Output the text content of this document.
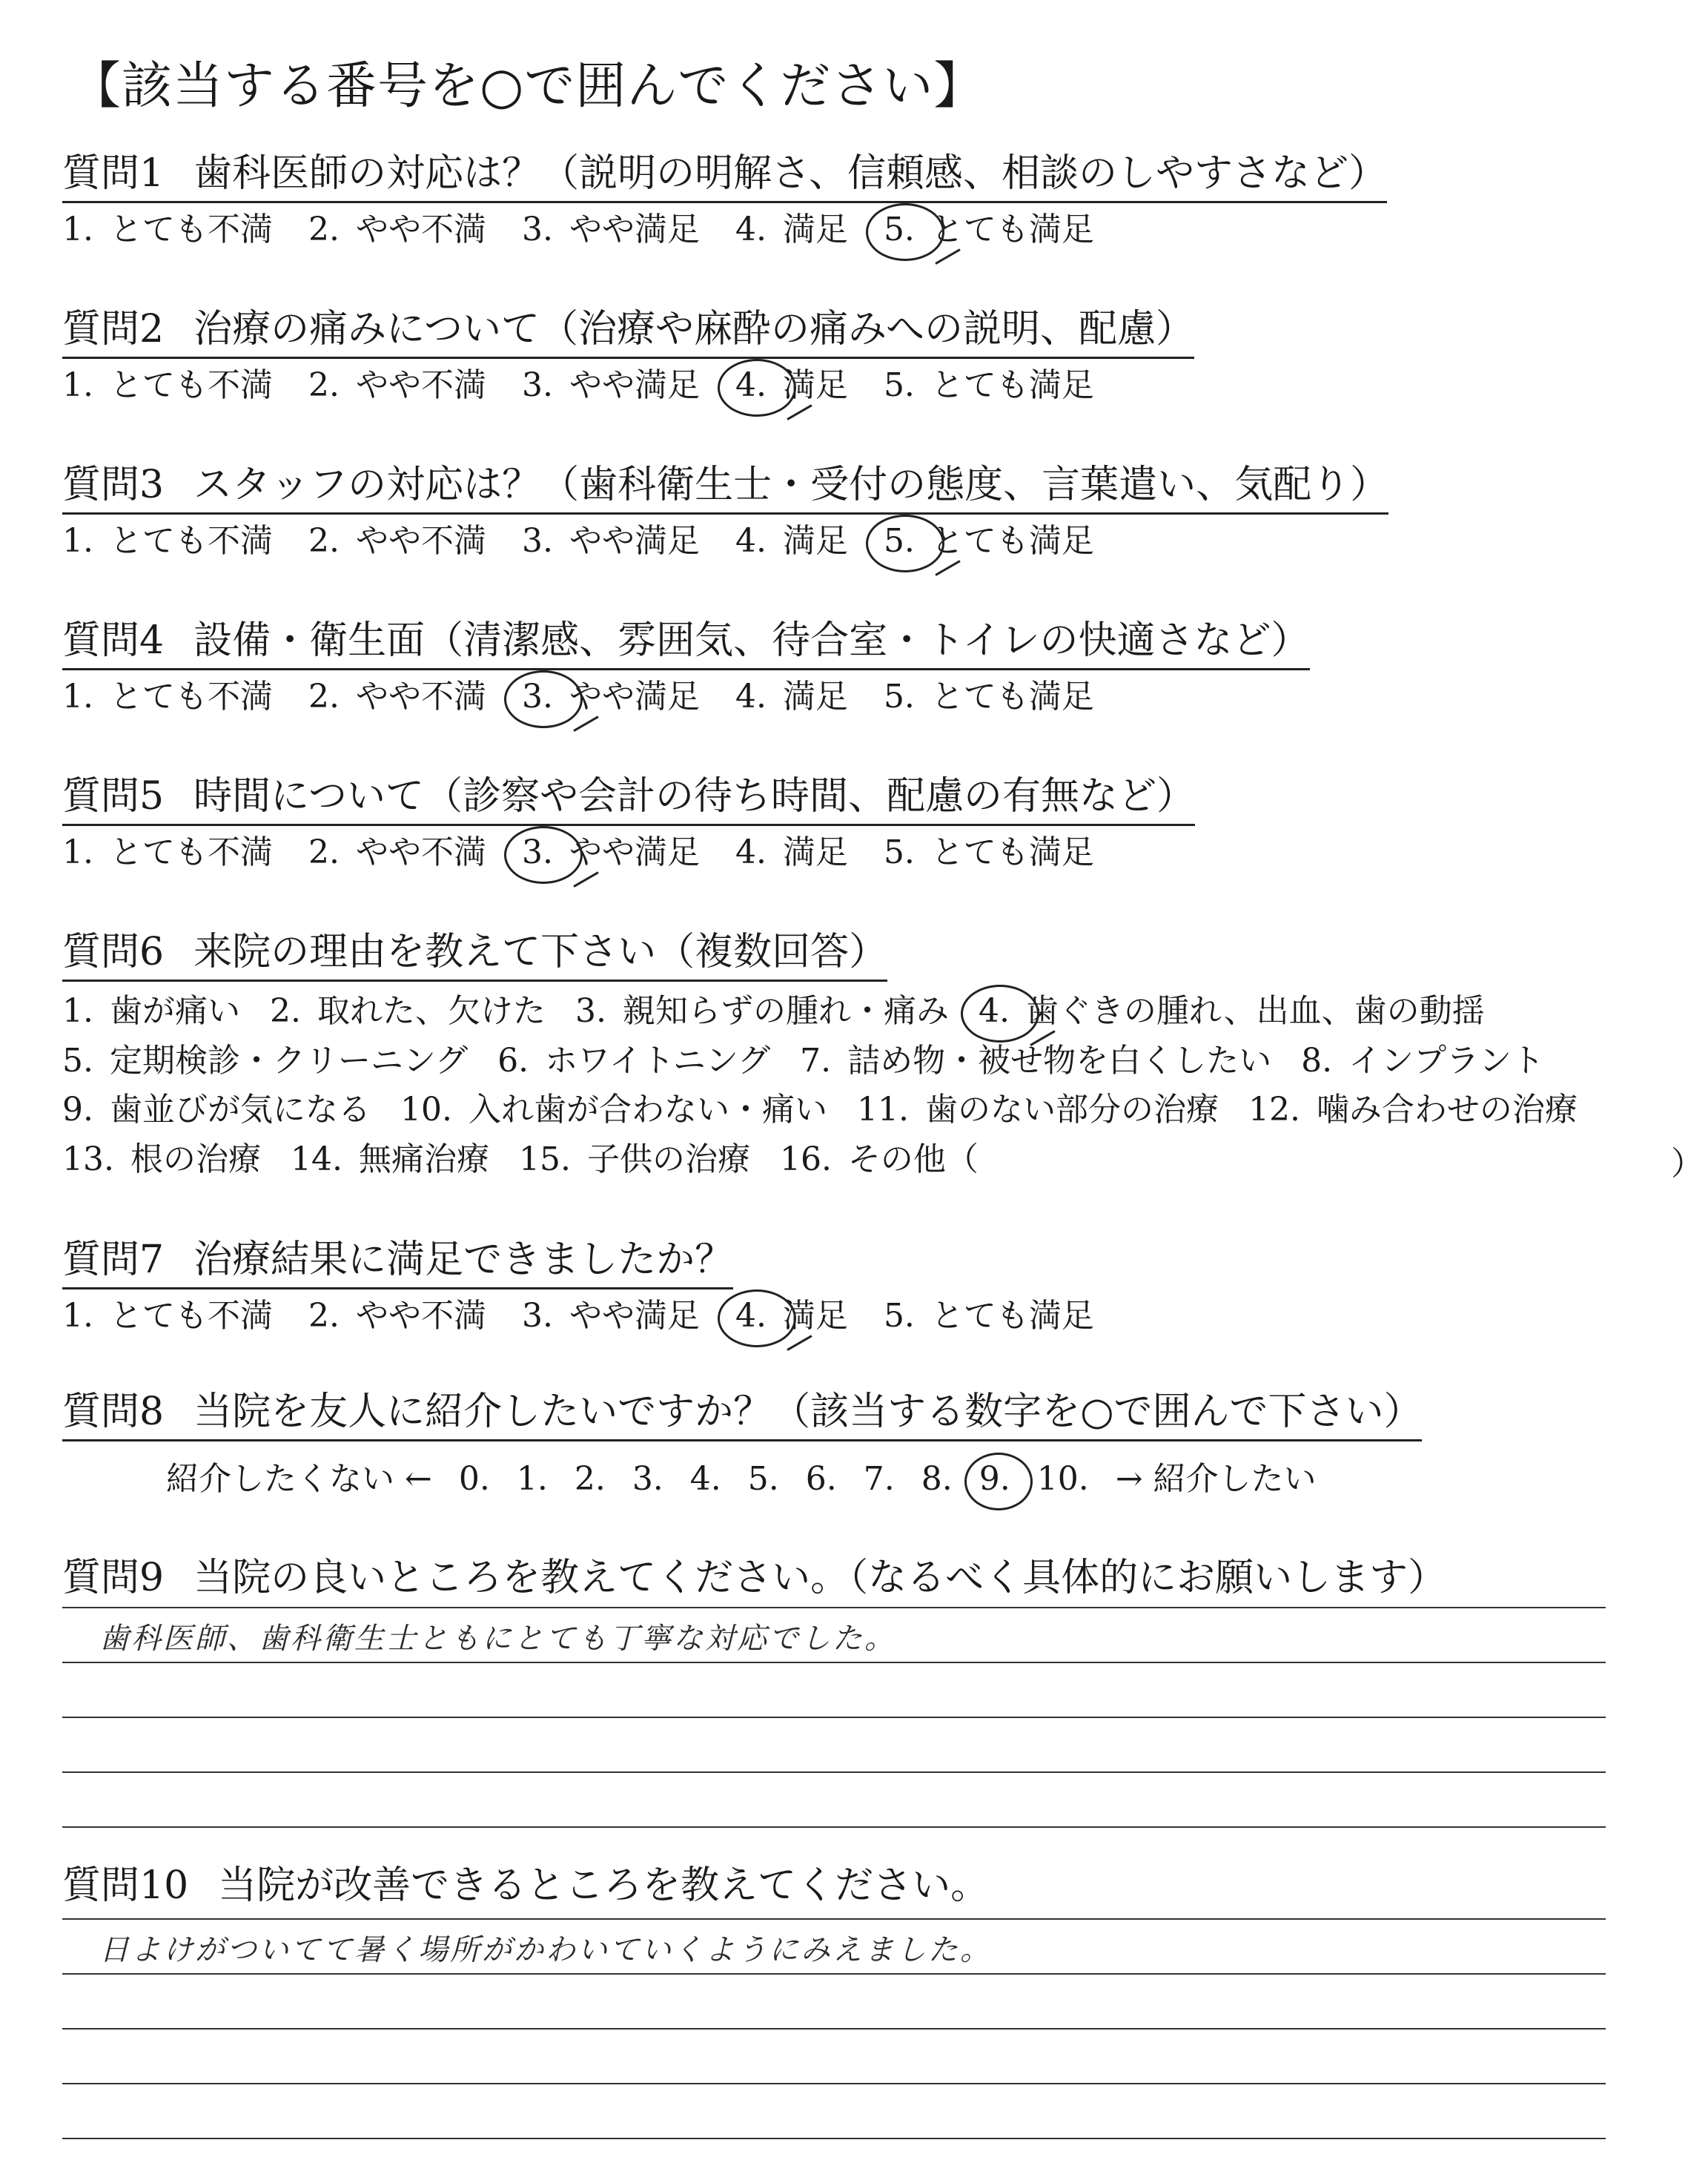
【該当する番号を○で囲んでください】
質問1 歯科医師の対応は？（説明の明解さ、信頼感、相談のしやすさなど）
1. とても不満 2. やや不満 3. やや満足 4. 満足 5. とても満足
質問2 治療の痛みについて（治療や麻酔の痛みへの説明、配慮）
1. とても不満 2. やや不満 3. やや満足 4. 満足 5. とても満足
質問3 スタッフの対応は？（歯科衛生士・受付の態度、言葉遣い、気配り）
1. とても不満 2. やや不満 3. やや満足 4. 満足 5. とても満足
質問4 設備・衛生面（清潔感、雰囲気、待合室・トイレの快適さなど）
1. とても不満 2. やや不満 3. やや満足 4. 満足 5. とても満足
質問5 時間について（診察や会計の待ち時間、配慮の有無など）
1. とても不満 2. やや不満 3. やや満足 4. 満足 5. とても満足
質問6 来院の理由を教えて下さい（複数回答）
1. 歯が痛い 2. 取れた、欠けた 3. 親知らずの腫れ・痛み 4. 歯ぐきの腫れ、出血、歯の動揺
5. 定期検診・クリーニング 6. ホワイトニング 7. 詰め物・被せ物を白くしたい 8. インプラント
9. 歯並びが気になる 10. 入れ歯が合わない・痛い 11. 歯のない部分の治療 12. 噛み合わせの治療
13. 根の治療 14. 無痛治療 15. 子供の治療 16. その他（	）
質問7 治療結果に満足できましたか？
1. とても不満 2. やや不満 3. やや満足 4. 満足 5. とても満足
質問8 当院を友人に紹介したいですか？（該当する数字を○で囲んで下さい）
紹介したくない ← 0. 1. 2. 3. 4. 5. 6. 7. 8. 9. 10. → 紹介したい
質問9 当院の良いところを教えてください。（なるべく具体的にお願いします）
歯科医師、歯科衛生士ともにとても丁寧な対応でした。
質問10 当院が改善できるところを教えてください。
日よけがついてて暑く場所がかわいていくようにみえました。
